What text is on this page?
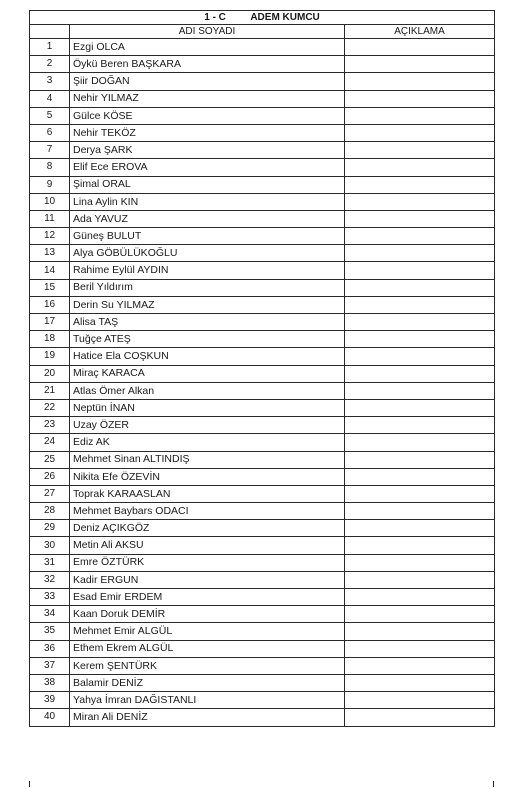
1 - C ADEM KUMCU		
	ADI SOYADI	AÇIKLAMA
1	Ezgi OLCA	
2	Öykü Beren BAŞKARA	
3	Şiir DOĞAN	
4	Nehir YILMAZ	
5	Gülce KÖSE	
6	Nehir TEKÖZ	
7	Derya ŞARK	
8	Elif Ece EROVA	
9	Şimal ORAL	
10	Lina Aylin KIN	
11	Ada YAVUZ	
12	Güneş BULUT	
13	Alya GÖBÜLÜKOĞLU	
14	Rahime Eylül AYDIN	
15	Beril Yıldırım	
16	Derin Su YILMAZ	
17	Alisa TAŞ	
18	Tuğçe ATEŞ	
19	Hatice Ela COŞKUN	
20	Miraç KARACA	
21	Atlas Ömer Alkan	
22	Neptün İNAN	
23	Uzay ÖZER	
24	Ediz AK	
25	Mehmet Sinan ALTINDIŞ	
26	Nikita Efe ÖZEVİN	
27	Toprak KARAASLAN	
28	Mehmet Baybars ODACI	
29	Deniz AÇIKGÖZ	
30	Metin Ali AKSU	
31	Emre ÖZTÜRK	
32	Kadir ERGUN	
33	Esad Emir ERDEM	
34	Kaan Doruk DEMİR	
35	Mehmet Emir ALGÜL	
36	Ethem Ekrem ALGÜL	
37	Kerem ŞENTÜRK	
38	Balamir DENİZ	
39	Yahya İmran DAĞISTANLI	
40	Miran Ali DENİZ	
